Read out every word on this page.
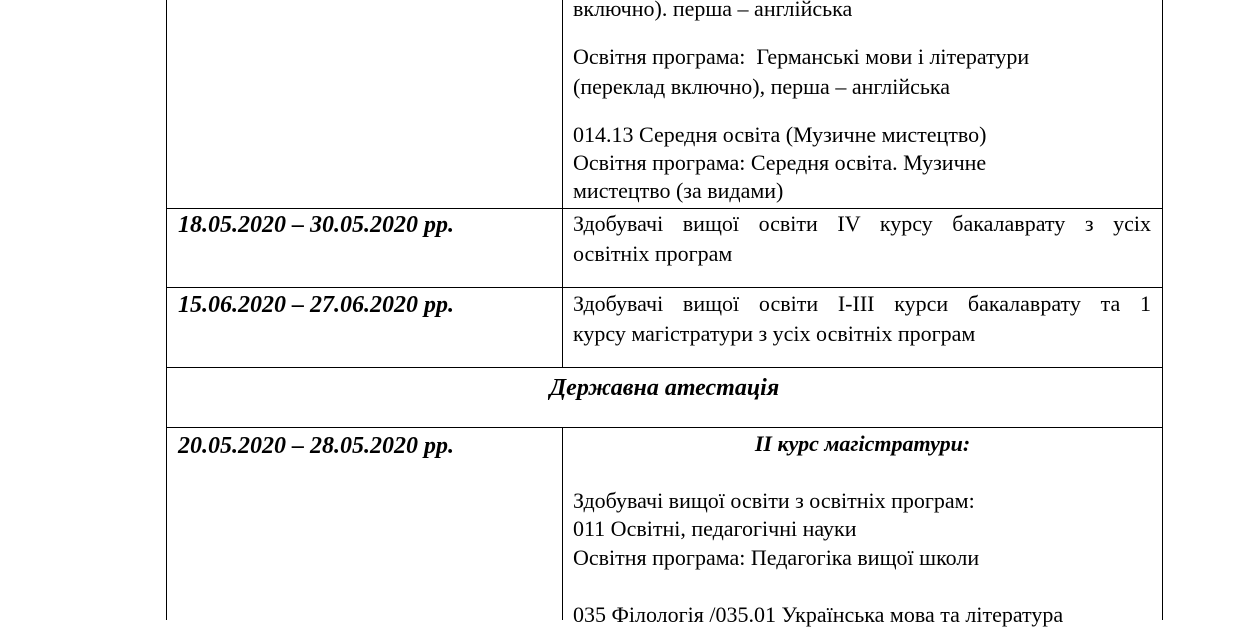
включно). перша – англійська
Освітня програма:  Германські мови і літератури
(переклад включно), перша – англійська
014.13 Середня освіта (Музичне мистецтво)
Освітня програма: Середня освіта. Музичне
мистецтво (за видами)
18.05.2020 – 30.05.2020 рр.	Здобувачі вищої освіти IV курсу бакалаврату з усіх
освітніх програм
15.06.2020 – 27.06.2020 рр.	Здобувачі вищої освіти І-ІІІ курси бакалаврату та 1
курсу магістратури з усіх освітніх програм
Державна атестація
20.05.2020 – 28.05.2020 рр.	ІІ курс магістратури:
Здобувачі вищої освіти з освітніх програм:
011 Освітні, педагогічні науки
Освітня програма: Педагогіка вищої школи
035 Філологія /035.01 Українська мова та література
